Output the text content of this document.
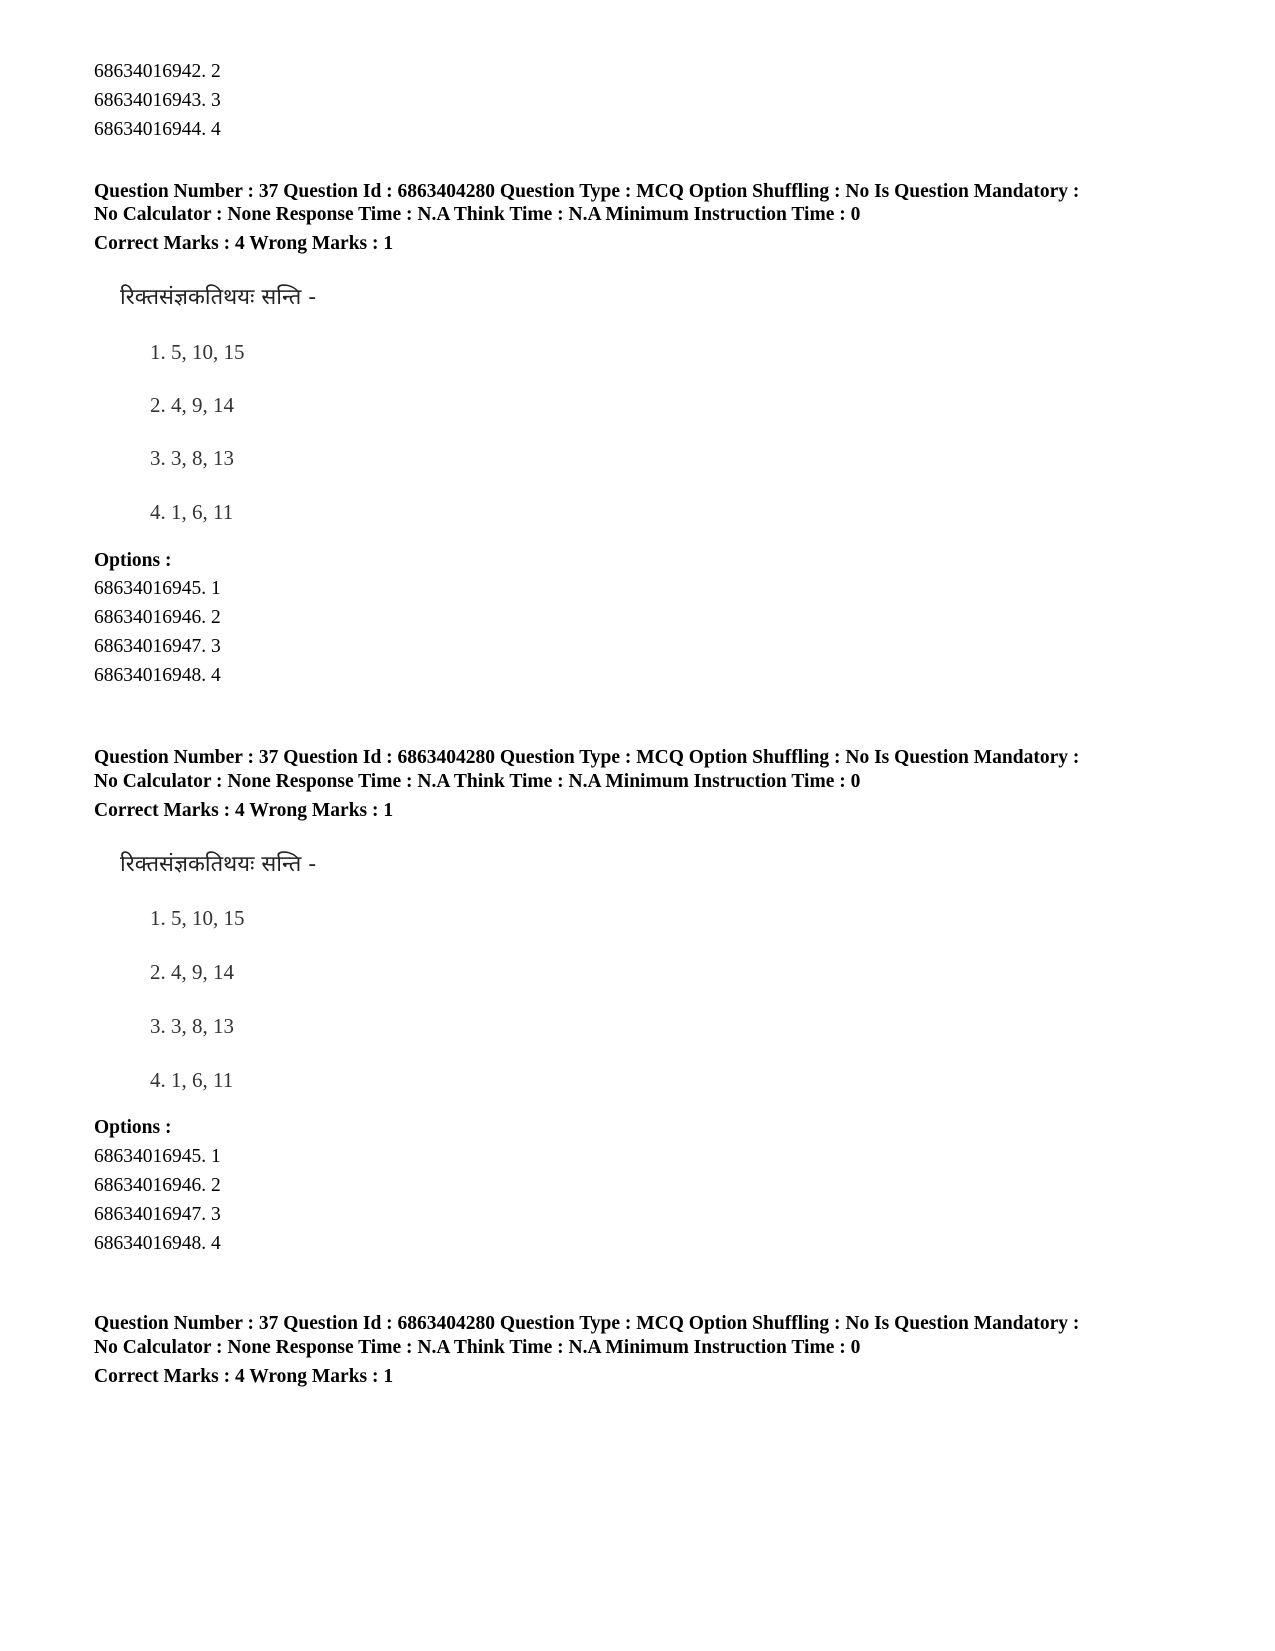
68634016942. 2
68634016943. 3
68634016944. 4
Question Number : 37 Question Id : 6863404280 Question Type : MCQ Option Shuffling : No Is Question Mandatory :
No Calculator : None Response Time : N.A Think Time : N.A Minimum Instruction Time : 0
Correct Marks : 4 Wrong Marks : 1
रिक्तसंज्ञकतिथयः सन्ति -
1. 5, 10, 15
2. 4, 9, 14
3. 3, 8, 13
4. 1, 6, 11
Options :
68634016945. 1
68634016946. 2
68634016947. 3
68634016948. 4
Question Number : 37 Question Id : 6863404280 Question Type : MCQ Option Shuffling : No Is Question Mandatory :
No Calculator : None Response Time : N.A Think Time : N.A Minimum Instruction Time : 0
Correct Marks : 4 Wrong Marks : 1
रिक्तसंज्ञकतिथयः सन्ति -
1. 5, 10, 15
2. 4, 9, 14
3. 3, 8, 13
4. 1, 6, 11
Options :
68634016945. 1
68634016946. 2
68634016947. 3
68634016948. 4
Question Number : 37 Question Id : 6863404280 Question Type : MCQ Option Shuffling : No Is Question Mandatory :
No Calculator : None Response Time : N.A Think Time : N.A Minimum Instruction Time : 0
Correct Marks : 4 Wrong Marks : 1
